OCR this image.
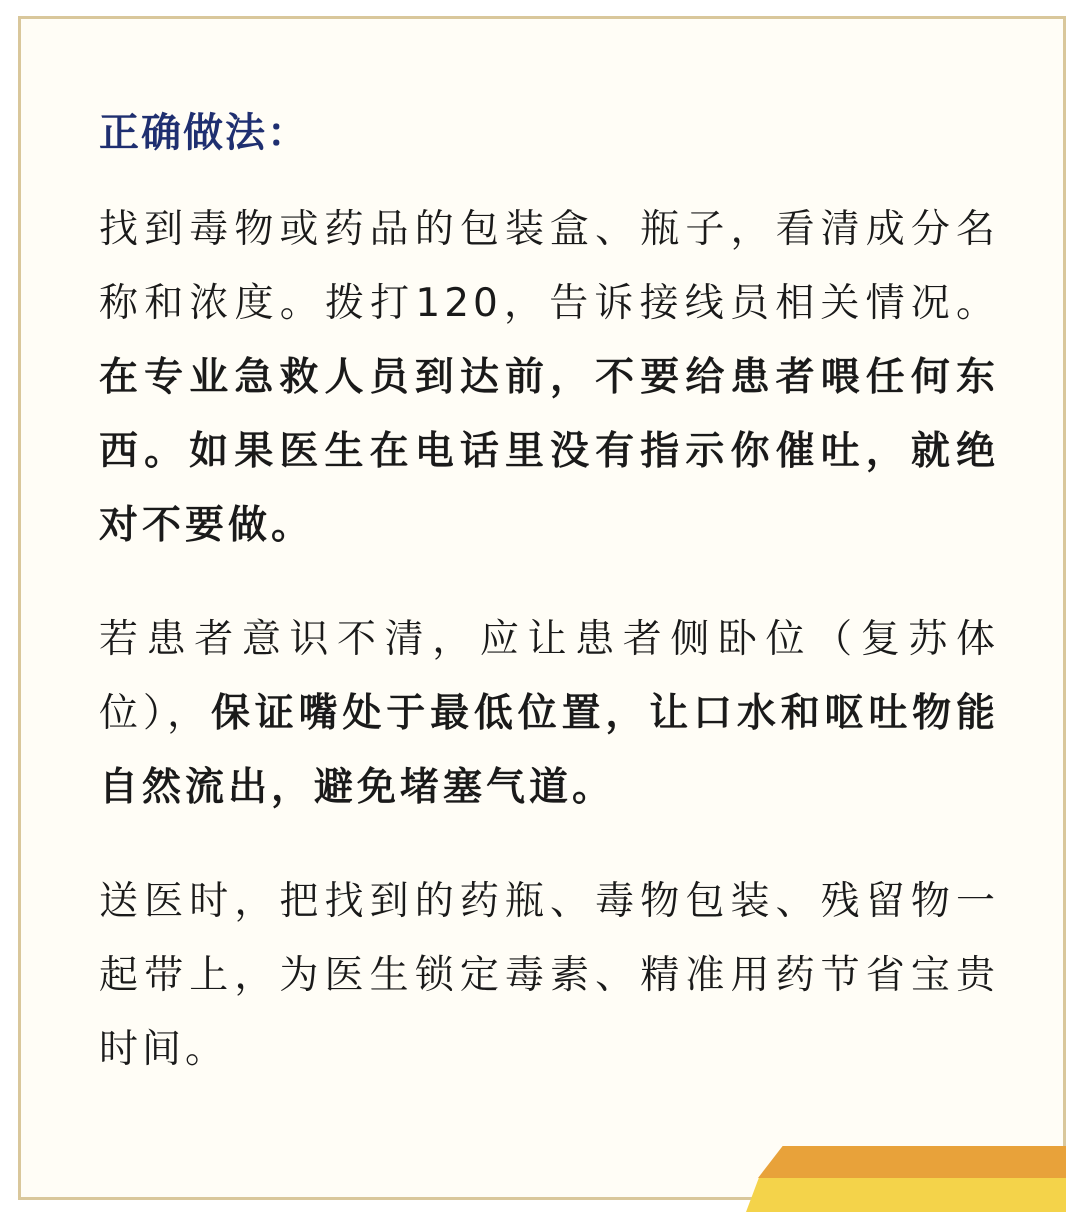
正确做法：

找到毒物或药品的包装盒、瓶子，看清成分名称和浓度。拨打120，告诉接线员相关情况。在专业急救人员到达前，不要给患者喂任何东西。如果医生在电话里没有指示你催吐，就绝对不要做。

若患者意识不清，应让患者侧卧位（复苏体位），保证嘴处于最低位置，让口水和呕吐物能自然流出，避免堵塞气道。

送医时，把找到的药瓶、毒物包装、残留物一起带上，为医生锁定毒素、精准用药节省宝贵时间。
